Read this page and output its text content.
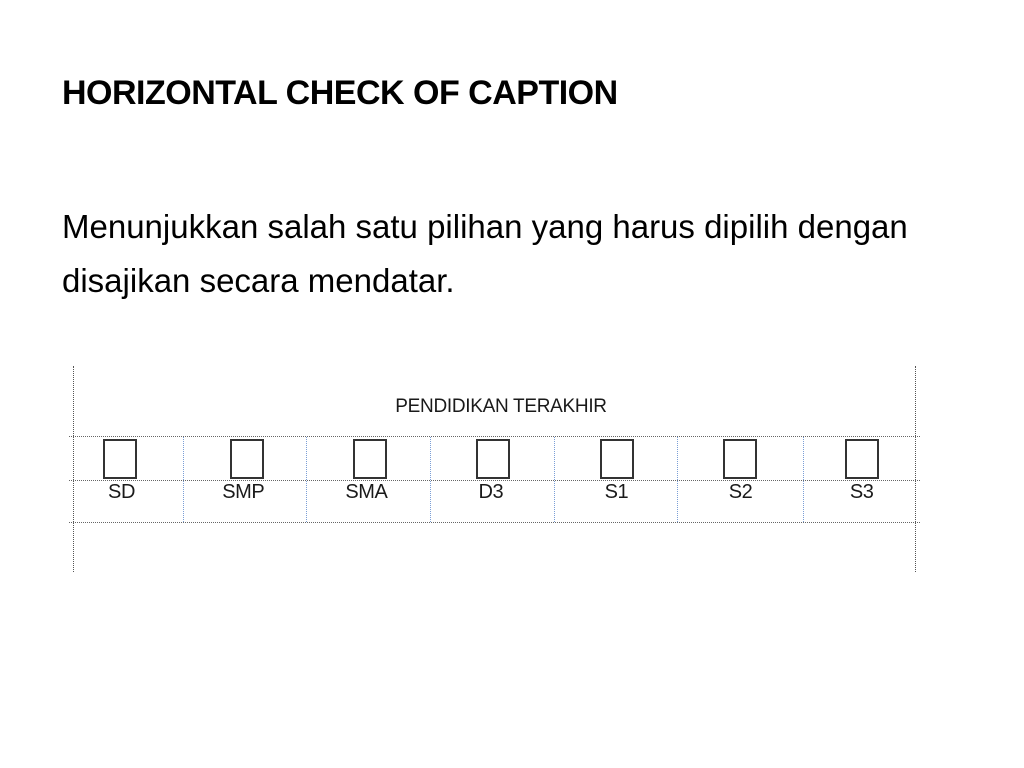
HORIZONTAL CHECK OF CAPTION

Menunjukkan salah satu pilihan yang harus dipilih dengan disajikan secara mendatar.

PENDIDIKAN TERAKHIR
SD	SMP	SMA	D3	S1	S2	S3
